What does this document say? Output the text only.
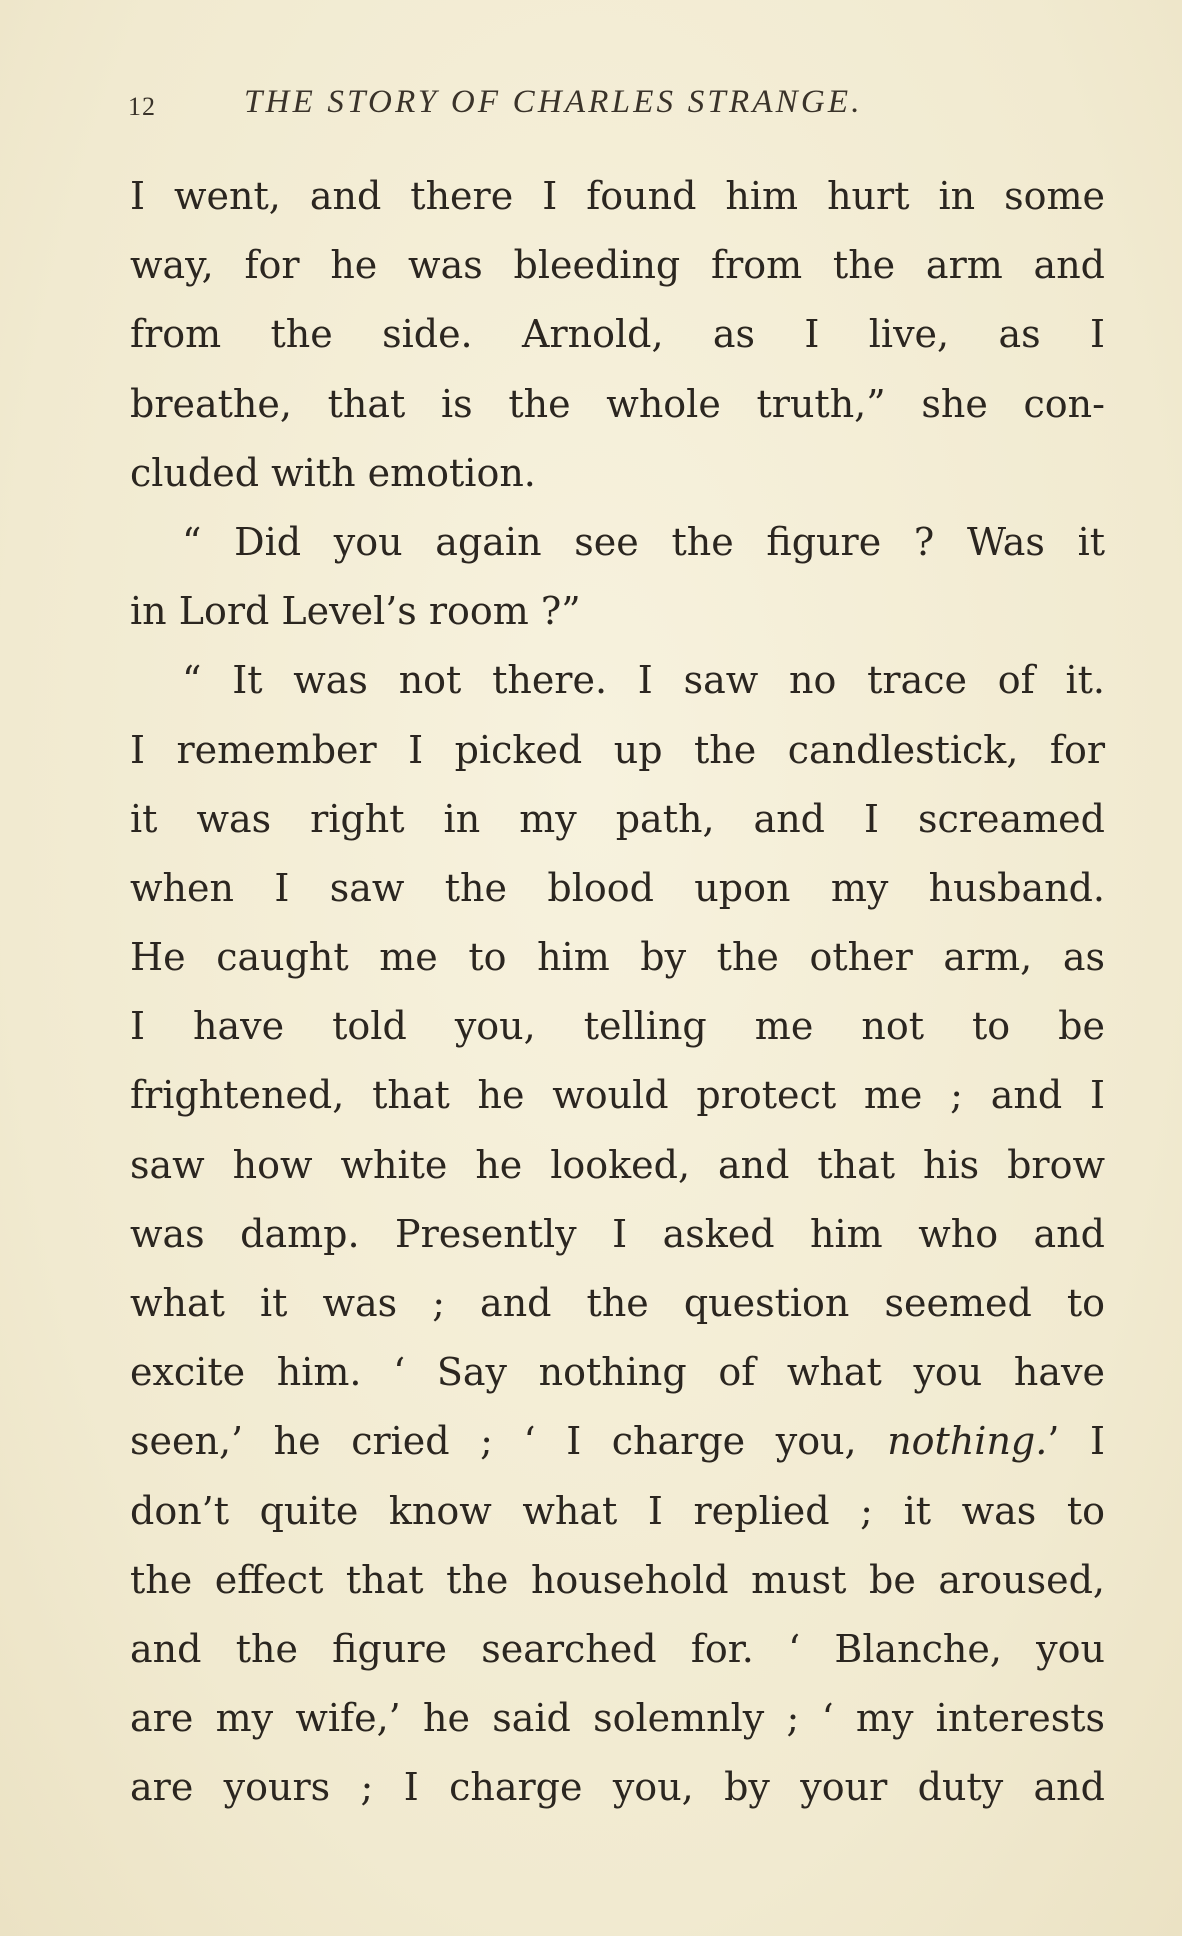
12	THE STORY OF CHARLES STRANGE.
I went, and there I found him hurt in some
way, for he was bleeding from the arm and
from the side. Arnold, as I live, as I
breathe, that is the whole truth,” she con-
cluded with emotion.
“ Did you again see the figure ? Was it
in Lord Level’s room ?”
“ It was not there. I saw no trace of it.
I remember I picked up the candlestick, for
it was right in my path, and I screamed
when I saw the blood upon my husband.
He caught me to him by the other arm, as
I have told you, telling me not to be
frightened, that he would protect me ; and I
saw how white he looked, and that his brow
was damp. Presently I asked him who and
what it was ; and the question seemed to
excite him. ‘ Say nothing of what you have
seen,’ he cried ; ‘ I charge you, nothing.’ I
don’t quite know what I replied ; it was to
the effect that the household must be aroused,
and the figure searched for. ‘ Blanche, you
are my wife,’ he said solemnly ; ‘ my interests
are yours ; I charge you, by your duty and
